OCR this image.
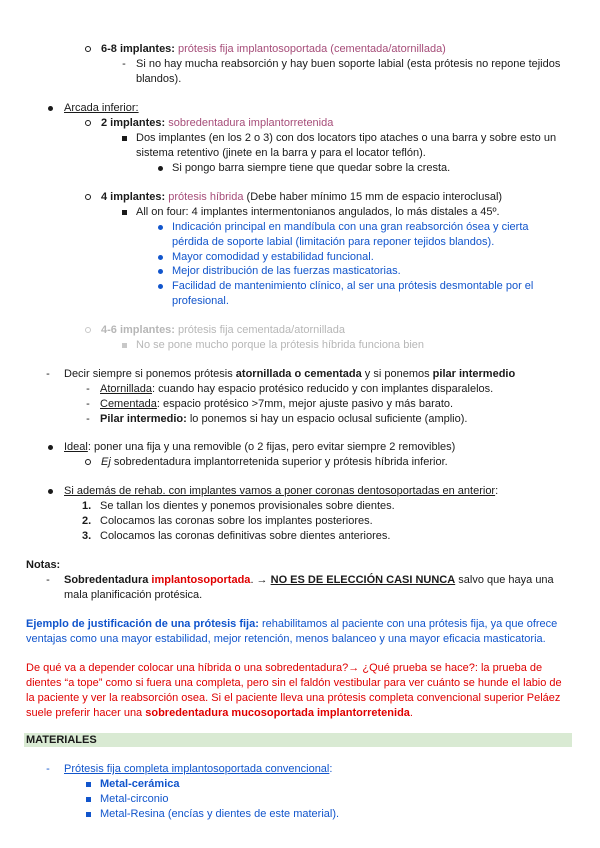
6-8 implantes: prótesis fija implantosoportada (cementada/atornillada)
- Si no hay mucha reabsorción y hay buen soporte labial (esta prótesis no repone tejidos
blandos).
Arcada inferior:
2 implantes: sobredentadura implantorretenida
Dos implantes (en los 2 o 3) con dos locators tipo ataches o una barra y sobre esto un
sistema retentivo (jinete en la barra y para el locator teflón).
Si pongo barra siempre tiene que quedar sobre la cresta.
4 implantes: prótesis híbrida (Debe haber mínimo 15 mm de espacio interoclusal)
All on four: 4 implantes intermentonianos angulados, lo más distales a 45º.
Indicación principal en mandíbula con una gran reabsorción ósea y cierta
pérdida de soporte labial (limitación para reponer tejidos blandos).
Mayor comodidad y estabilidad funcional.
Mejor distribución de las fuerzas masticatorias.
Facilidad de mantenimiento clínico, al ser una prótesis desmontable por el
profesional.
4-6 implantes: prótesis fija cementada/atornillada
No se pone mucho porque la prótesis híbrida funciona bien
-	Decir siempre si ponemos prótesis atornillada o cementada y si ponemos pilar intermedio
- Atornillada: cuando hay espacio protésico reducido y con implantes disparalelos.
- Cementada: espacio protésico >7mm, mejor ajuste pasivo y más barato.
- Pilar intermedio: lo ponemos si hay un espacio oclusal suficiente (amplio).
Ideal: poner una fija y una removible (o 2 fijas, pero evitar siempre 2 removibles)
Ej sobredentadura implantorretenida superior y prótesis híbrida inferior.
Si además de rehab. con implantes vamos a poner coronas dentosoportadas en anterior:
1. Se tallan los dientes y ponemos provisionales sobre dientes.
2. Colocamos las coronas sobre los implantes posteriores.
3. Colocamos las coronas definitivas sobre dientes anteriores.
Notas:
-	Sobredentadura implantosoportada. → NO ES DE ELECCIÓN CASI NUNCA salvo que haya una
mala planificación protésica.
Ejemplo de justificación de una prótesis fija: rehabilitamos al paciente con una prótesis fija, ya que ofrece
ventajas como una mayor estabilidad, mejor retención, menos balanceo y una mayor eficacia masticatoria.
De qué va a depender colocar una híbrida o una sobredentadura?→ ¿Qué prueba se hace?: la prueba de
dientes “a tope” como si fuera una completa, pero sin el faldón vestibular para ver cuánto se hunde el labio de
la paciente y ver la reabsorción osea. Si el paciente lleva una prótesis completa convencional superior Peláez
suele preferir hacer una sobredentadura mucosoportada implantorretenida.
MATERIALES
-	Prótesis fija completa implantosoportada convencional:
Metal-cerámica
Metal-circonio
Metal-Resina (encías y dientes de este material).
